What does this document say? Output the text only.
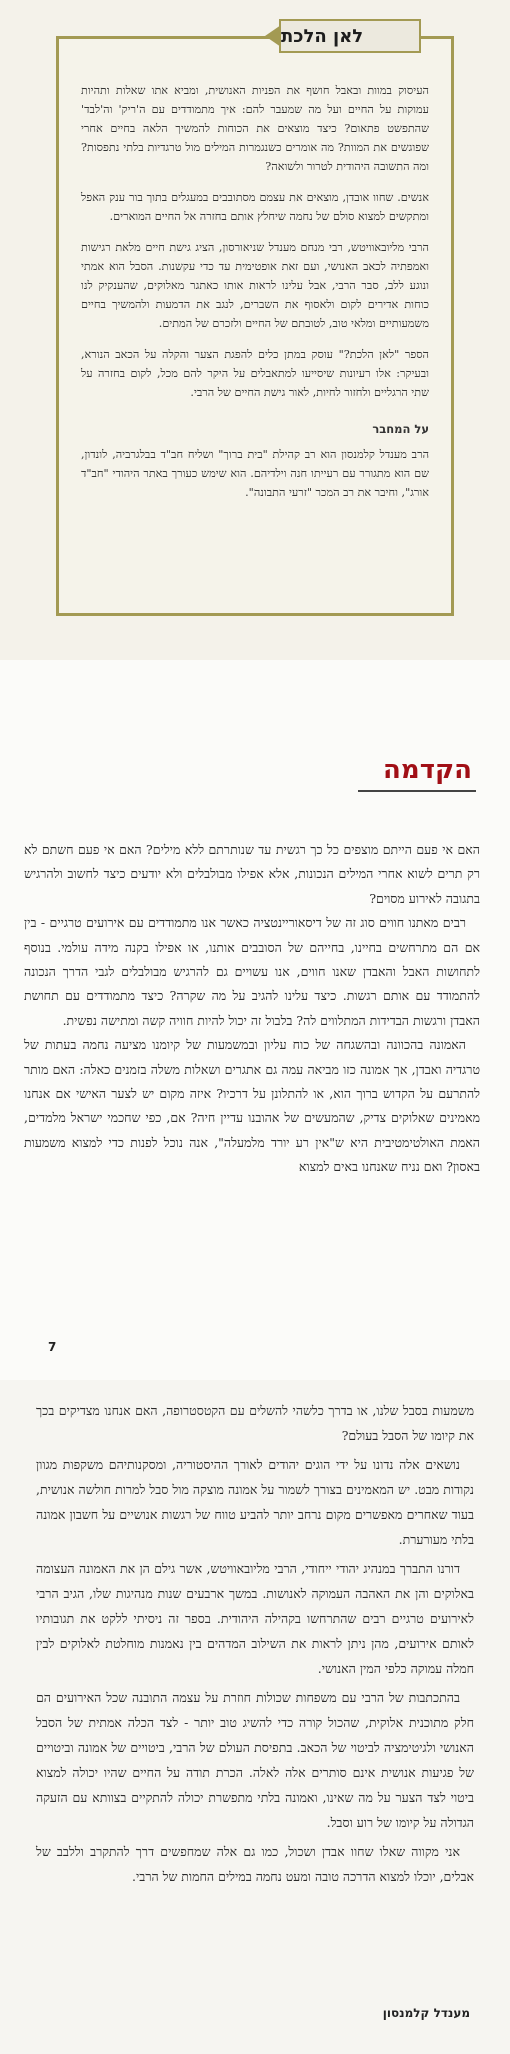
לאן הלכת

העיסוק במוות ובאבל חושף את הפניות האנושית, ומביא אתו שאלות ותהיות עמוקות על החיים ועל מה שמעבר להם: איך מתמודדים עם ה'ריק' וה'לבד' שהתפשט פתאום? כיצד מוצאים את הכוחות להמשיך הלאה בחיים אחרי שפוגשים את המוות? מה אומרים כשנגמרות המילים מול טרגדיות בלתי נתפסות? ומה התשובה היהודית לטרור ולשואה?

אנשים. שחוו אובדן, מוצאים את עצמם מסתובבים במעגלים בתוך בור ענק האפל ומתקשים למצוא סולם של נחמה שיחלץ אותם בחזרה אל החיים המוארים.

הרבי מליובאוויטש, רבי מנחם מענדל שניאורסון, הציג גישת חיים מלאת רגישות ואמפתיה לכאב האנושי, ועם זאת אופטימית עד כדי עקשנות. הסבל הוא אמתי ונוגע ללב, סבר הרבי, אבל עלינו לראות אותו כאתגר מאלוקים, שהענקיק לנו כוחות אדירים לקום ולאסוף את השברים, לנגב את הדמעות ולהמשיך בחיים משמעותיים ומלאי טוב, לטובתם של החיים ולזכרם של המתים.

הספר "לאן הלכת?" עוסק במתן כלים להפגת הצער והקלה על הכאב הנורא, ובעיקר: אלו רעיונות שיסייעו למתאבלים על היקר להם מכל, לקום בחזרה על שתי הרגליים ולחזור לחיות, לאור גישת החיים של הרבי.

על המחבר

הרב מענדל קלמנסון הוא רב קהילת "בית ברוך" ושליח חב"ד בבלגרביה, לונדון, שם הוא מתגורר עם רעייתו חנה וילדיהם. הוא שימש כעורך באתר היהודי "חב"ד אורג", וחיבר את רב המכר "זרעי התבונה".

הקדמה

האם אי פעם הייתם מוצפים כל כך רגשית עד שנותרתם ללא מילים? האם אי פעם חשתם לא רק תרים לשוא אחרי המילים הנכונות, אלא אפילו מבולבלים ולא יודעים כיצד לחשוב ולהרגיש בתגובה לאירוע מסוים?

רבים מאתנו חווים סוג זה של דיסאוריינטציה כאשר אנו מתמודדים עם אירועים טרגיים - בין אם הם מתרחשים בחיינו, בחייהם של הסובבים אותנו, או אפילו בקנה מידה עולמי. בנוסף לתחושות האבל והאבדן שאנו חווים, אנו עשויים גם להרגיש מבולבלים לגבי הדרך הנכונה להתמודד עם אותם רגשות. כיצד עלינו להגיב על מה שקרה? כיצד מתמודדים עם תחושת האבדן ורגשות הבדידות המתלווים לה? בלבול זה יכול להיות חוויה קשה ומתישה נפשית.

האמונה בהכוונה ובהשגחה של כוח עליון ובמשמעות של קיומנו מציעה נחמה בעתות של טרגדיה ואבדן, אך אמונה כזו מביאה עמה גם אתגרים ושאלות משלה בזמנים כאלה: האם מותר להתרעם על הקדוש ברוך הוא, או להתלונן על דרכיו? איזה מקום יש לצער האישי אם אנחנו מאמינים שאלוקים צדיק, שהמעשים של אהובנו עדיין חיה? אם, כפי שחכמי ישראל מלמדים, האמת האולטימטיבית היא ש"אין רע יורד מלמעלה", אנה נוכל לפנות כדי למצוא משמעות באסון? ואם נניח שאנחנו באים למצוא

7

משמעות בסבל שלנו, או בדרך כלשהי להשלים עם הקטסטרופה, האם אנחנו מצדיקים בכך את קיומו של הסבל בעולם?

נושאים אלה נדונו על ידי הוגים יהודים לאורך ההיסטוריה, ומסקנותיהם משקפות מגוון נקודות מבט. יש המאמינים בצורך לשמור על אמונה מוצקה מול סבל למרות חולשה אנושית, בעוד שאחרים מאפשרים מקום נרחב יותר להביע טווח של רגשות אנושיים על חשבון אמונה בלתי מעורערת.

דורנו התברך במנהיג יהודי ייחודי, הרבי מליובאוויטש, אשר גילם הן את האמונה העצומה באלוקים והן את האהבה העמוקה לאנושות. במשך ארבעים שנות מנהיגות שלו, הגיב הרבי לאירועים טרגיים רבים שהתרחשו בקהילה היהודית. בספר זה ניסיתי ללקט את תגובותיו לאותם אירועים, מהן ניתן לראות את השילוב המדהים בין נאמנות מוחלטת לאלוקים לבין חמלה עמוקה כלפי המין האנושי.

בהתכתבות של הרבי עם משפחות שכולות חוזרת על עצמה התובנה שכל האירועים הם חלק מתוכנית אלוקית, שהכול קורה כדי להשיג טוב יותר - לצד הכלה אמתית של הסבל האנושי ולגיטימציה לביטוי של הכאב. בתפיסת העולם של הרבי, ביטויים של אמונה וביטויים של פגיעות אנושית אינם סותרים אלה לאלה. הכרת תודה על החיים שהיו יכולה למצוא ביטוי לצד הצער על מה שאינו, ואמונה בלתי מתפשרת יכולה להתקיים בצוותא עם הזעקה הגדולה על קיומו של רוע וסבל.

אני מקווה שאלו שחוו אבדן ושכול, כמו גם אלה שמחפשים דרך להתקרב וללבב של אבלים, יוכלו למצוא הדרכה טובה ומעט נחמה במילים החמות של הרבי.

מענדל קלמנסון
